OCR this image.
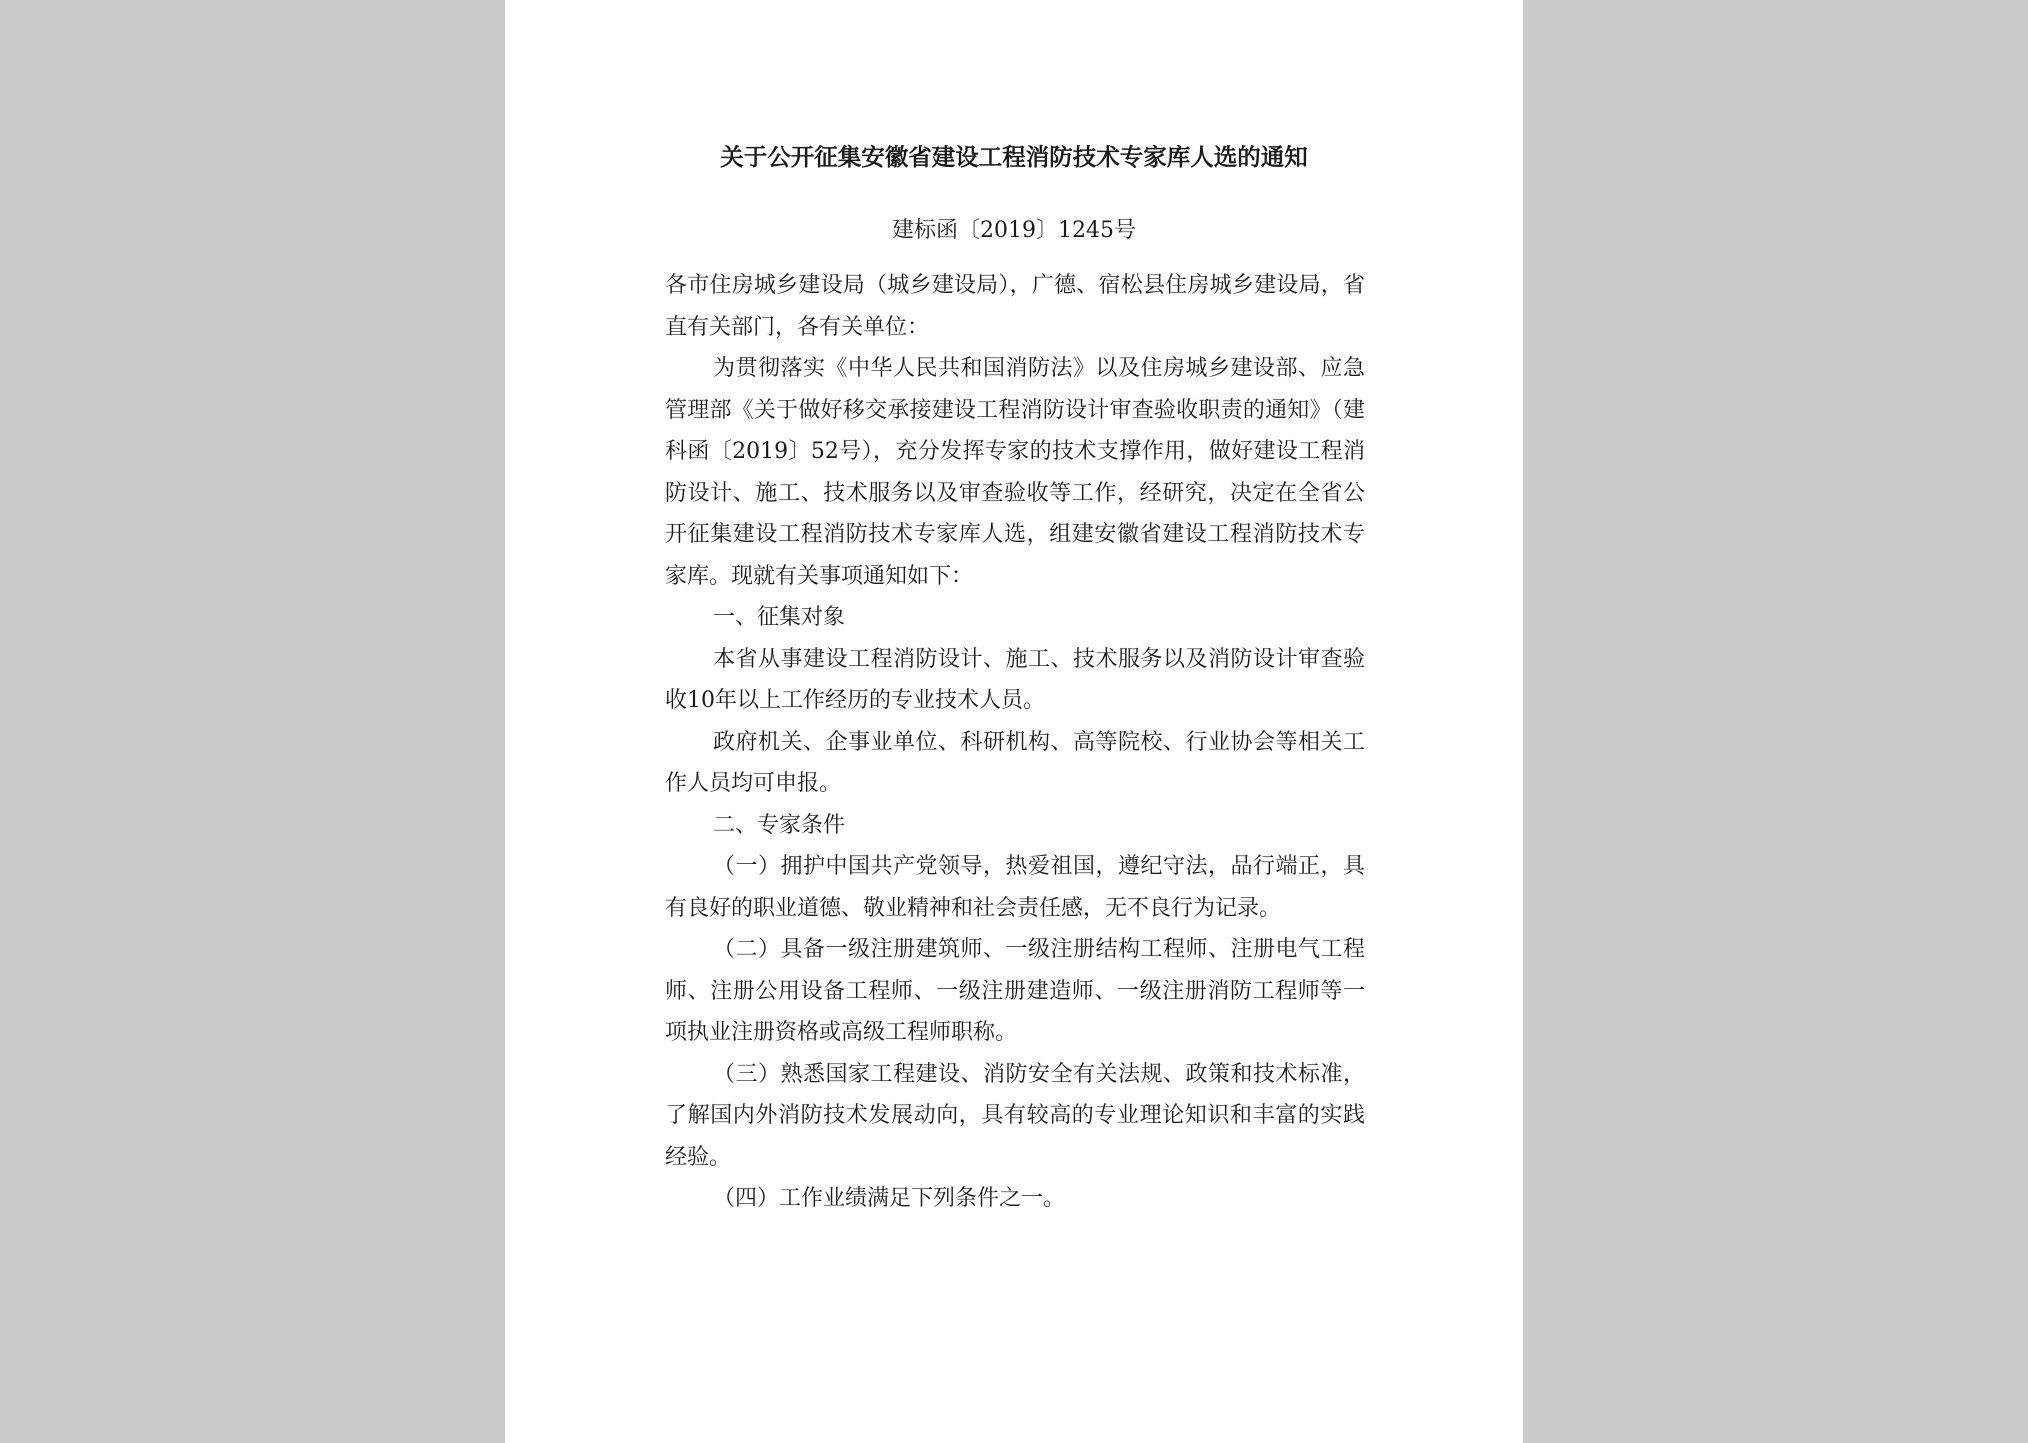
关于公开征集安徽省建设工程消防技术专家库人选的通知
建标函〔2019〕1245号

各市住房城乡建设局（城乡建设局），广德、宿松县住房城乡建设局，省直有关部门，各有关单位：

为贯彻落实《中华人民共和国消防法》以及住房城乡建设部、应急管理部《关于做好移交承接建设工程消防设计审查验收职责的通知》（建科函〔2019〕52号），充分发挥专家的技术支撑作用，做好建设工程消防设计、施工、技术服务以及审查验收等工作，经研究，决定在全省公开征集建设工程消防技术专家库人选，组建安徽省建设工程消防技术专家库。现就有关事项通知如下：

一、征集对象

本省从事建设工程消防设计、施工、技术服务以及消防设计审查验收10年以上工作经历的专业技术人员。

政府机关、企事业单位、科研机构、高等院校、行业协会等相关工作人员均可申报。

二、专家条件

（一）拥护中国共产党领导，热爱祖国，遵纪守法，品行端正，具有良好的职业道德、敬业精神和社会责任感，无不良行为记录。

（二）具备一级注册建筑师、一级注册结构工程师、注册电气工程师、注册公用设备工程师、一级注册建造师、一级注册消防工程师等一项执业注册资格或高级工程师职称。

（三）熟悉国家工程建设、消防安全有关法规、政策和技术标准，了解国内外消防技术发展动向，具有较高的专业理论知识和丰富的实践经验。

（四）工作业绩满足下列条件之一。
